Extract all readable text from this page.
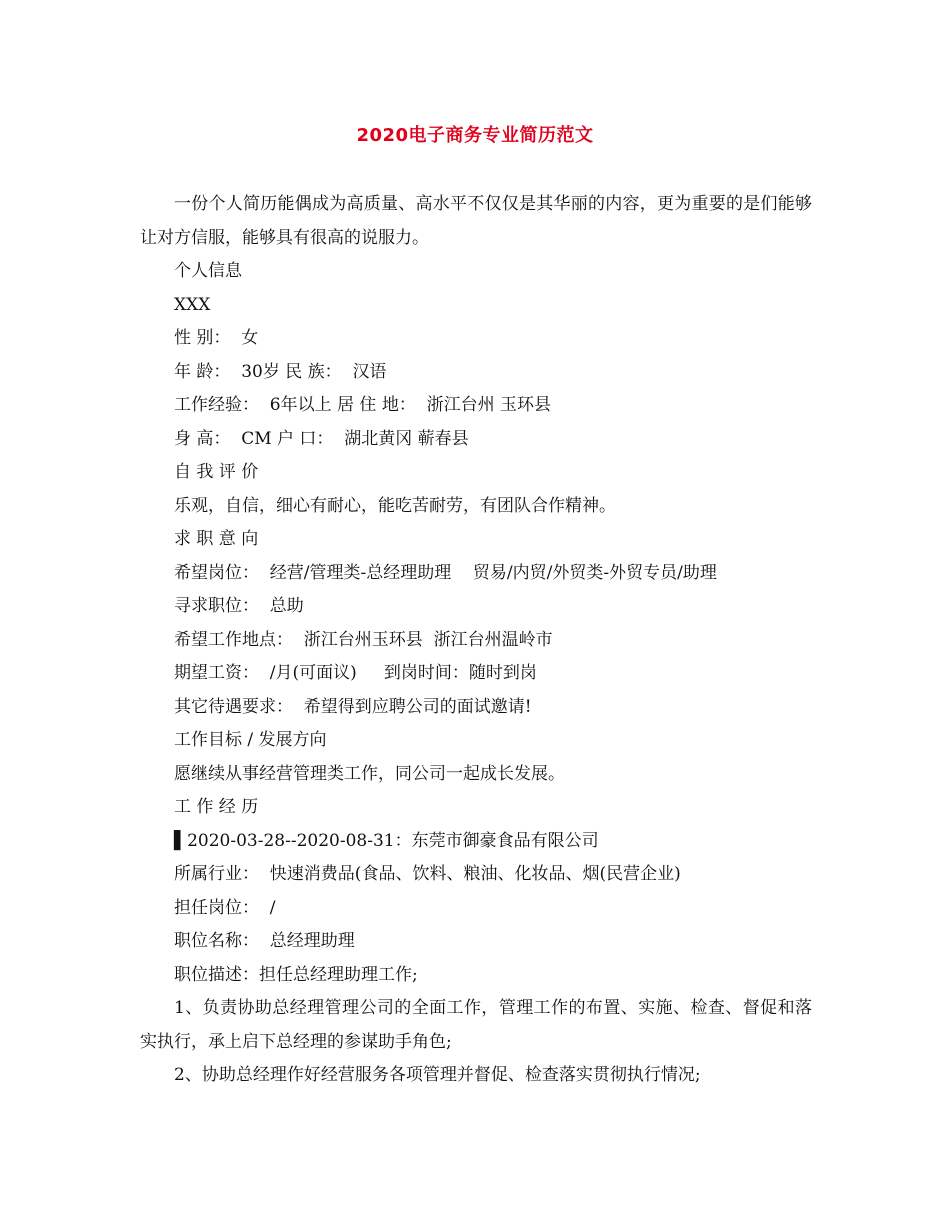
2020电子商务专业简历范文

一份个人简历能偶成为高质量、高水平不仅仅是其华丽的内容，更为重要的是们能够让对方信服，能够具有很高的说服力。

个人信息

XXX

性 别：  女

年 龄：  30岁 民 族：  汉语

工作经验：  6年以上 居 住 地：  浙江台州 玉环县

身 高：  CM 户 口：  湖北黄冈 蕲春县

自 我 评 价

乐观，自信，细心有耐心，能吃苦耐劳，有团队合作精神。

求 职 意 向

希望岗位：  经营/管理类-总经理助理    贸易/内贸/外贸类-外贸专员/助理

寻求职位：  总助

希望工作地点：  浙江台州玉环县  浙江台州温岭市

期望工资：  /月(可面议)     到岗时间：随时到岗

其它待遇要求：  希望得到应聘公司的面试邀请!

工作目标 / 发展方向

愿继续从事经营管理类工作，同公司一起成长发展。

工 作 经 历

▌2020-03-28--2020-08-31：东莞市御豪食品有限公司

所属行业：  快速消费品(食品、饮料、粮油、化妆品、烟(民营企业)

担任岗位：  /

职位名称：  总经理助理

职位描述：担任总经理助理工作;

1、负责协助总经理管理公司的全面工作，管理工作的布置、实施、检查、督促和落实执行，承上启下总经理的参谋助手角色;

2、协助总经理作好经营服务各项管理并督促、检查落实贯彻执行情况;
